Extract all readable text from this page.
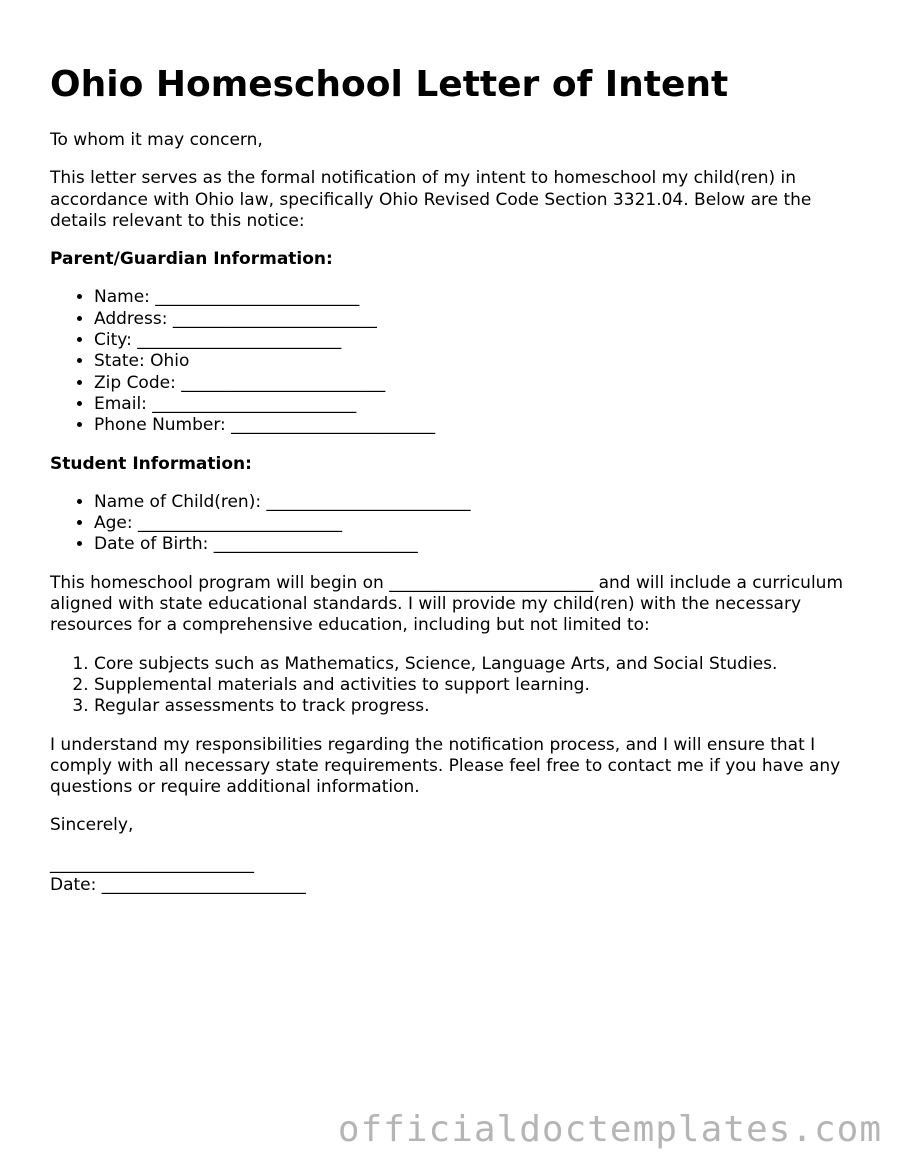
Ohio Homeschool Letter of Intent

To whom it may concern,

This letter serves as the formal notification of my intent to homeschool my child(ren) in accordance with Ohio law, specifically Ohio Revised Code Section 3321.04. Below are the details relevant to this notice:

Parent/Guardian Information:
• Name: ________________________
• Address: ________________________
• City: ________________________
• State: Ohio
• Zip Code: ________________________
• Email: ________________________
• Phone Number: ________________________
Student Information:
• Name of Child(ren): ________________________
• Age: ________________________
• Date of Birth: ________________________

This homeschool program will begin on ________________________ and will include a curriculum aligned with state educational standards. I will provide my child(ren) with the necessary resources for a comprehensive education, including but not limited to:

1. Core subjects such as Mathematics, Science, Language Arts, and Social Studies.
2. Supplemental materials and activities to support learning.
3. Regular assessments to track progress.

I understand my responsibilities regarding the notification process, and I will ensure that I comply with all necessary state requirements. Please feel free to contact me if you have any questions or require additional information.

Sincerely,

________________________
Date: ________________________
officialdoctemplates.com
